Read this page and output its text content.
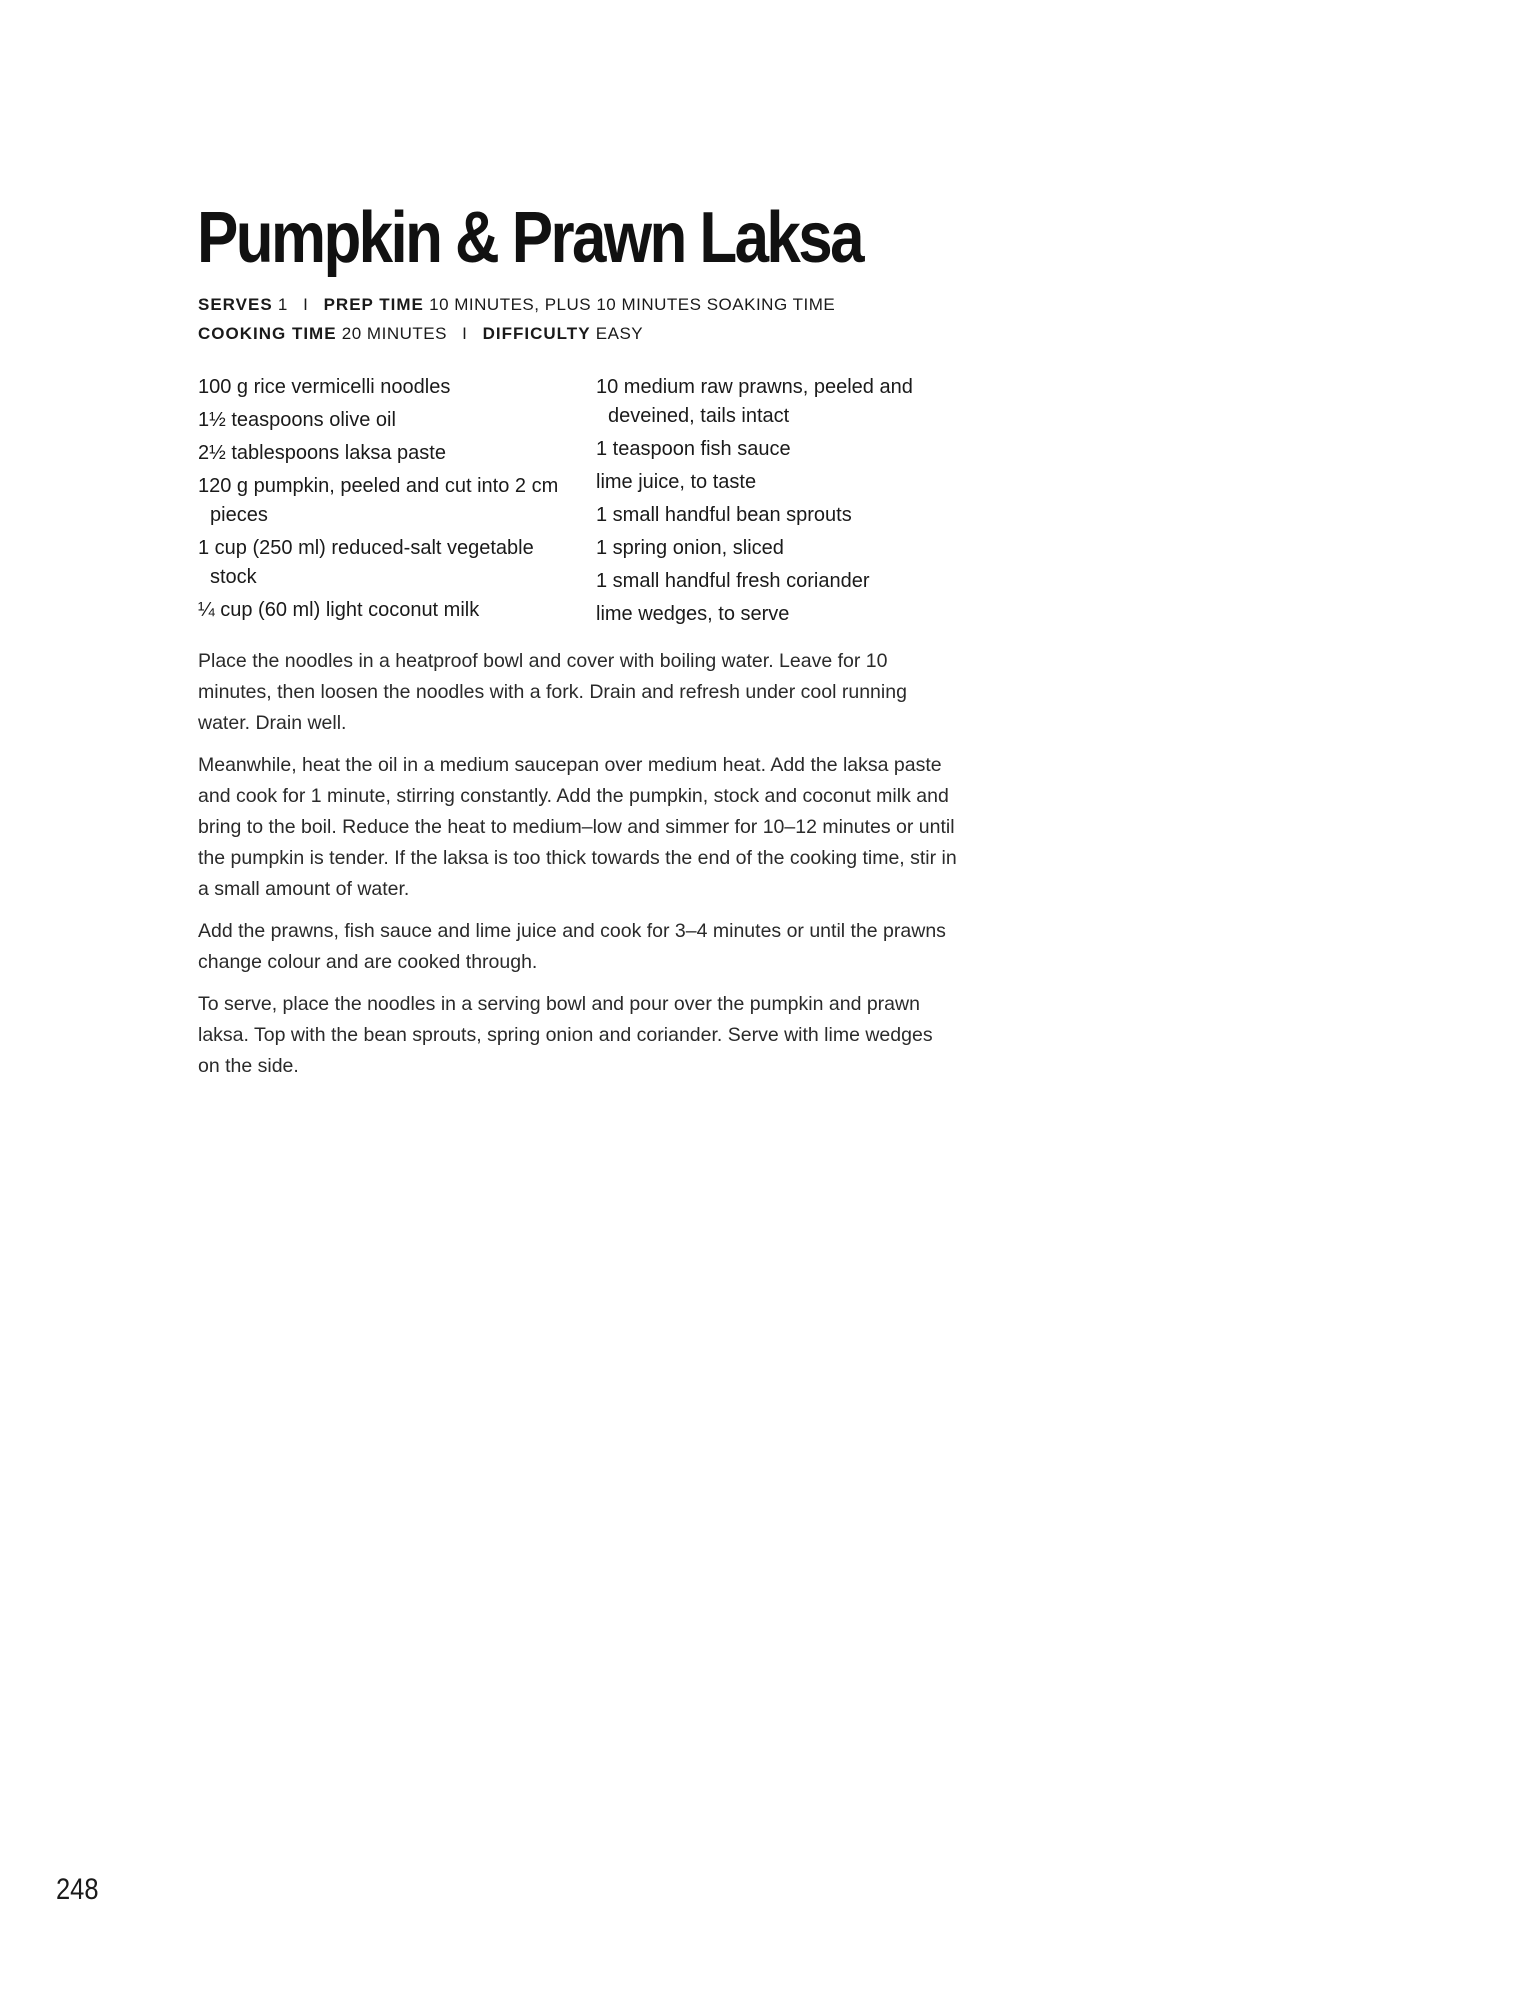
Pumpkin & Prawn Laksa
SERVES 1 I PREP TIME 10 MINUTES, PLUS 10 MINUTES SOAKING TIME
COOKING TIME 20 MINUTES I DIFFICULTY EASY
100 g rice vermicelli noodles
1½ teaspoons olive oil
2½ tablespoons laksa paste
120 g pumpkin, peeled and cut into 2 cm pieces
1 cup (250 ml) reduced-salt vegetable stock
¼ cup (60 ml) light coconut milk
10 medium raw prawns, peeled and deveined, tails intact
1 teaspoon fish sauce
lime juice, to taste
1 small handful bean sprouts
1 spring onion, sliced
1 small handful fresh coriander
lime wedges, to serve

Place the noodles in a heatproof bowl and cover with boiling water. Leave for 10 minutes, then loosen the noodles with a fork. Drain and refresh under cool running water. Drain well.

Meanwhile, heat the oil in a medium saucepan over medium heat. Add the laksa paste and cook for 1 minute, stirring constantly. Add the pumpkin, stock and coconut milk and bring to the boil. Reduce the heat to medium–low and simmer for 10–12 minutes or until the pumpkin is tender. If the laksa is too thick towards the end of the cooking time, stir in a small amount of water.

Add the prawns, fish sauce and lime juice and cook for 3–4 minutes or until the prawns change colour and are cooked through.

To serve, place the noodles in a serving bowl and pour over the pumpkin and prawn laksa. Top with the bean sprouts, spring onion and coriander. Serve with lime wedges on the side.

248
